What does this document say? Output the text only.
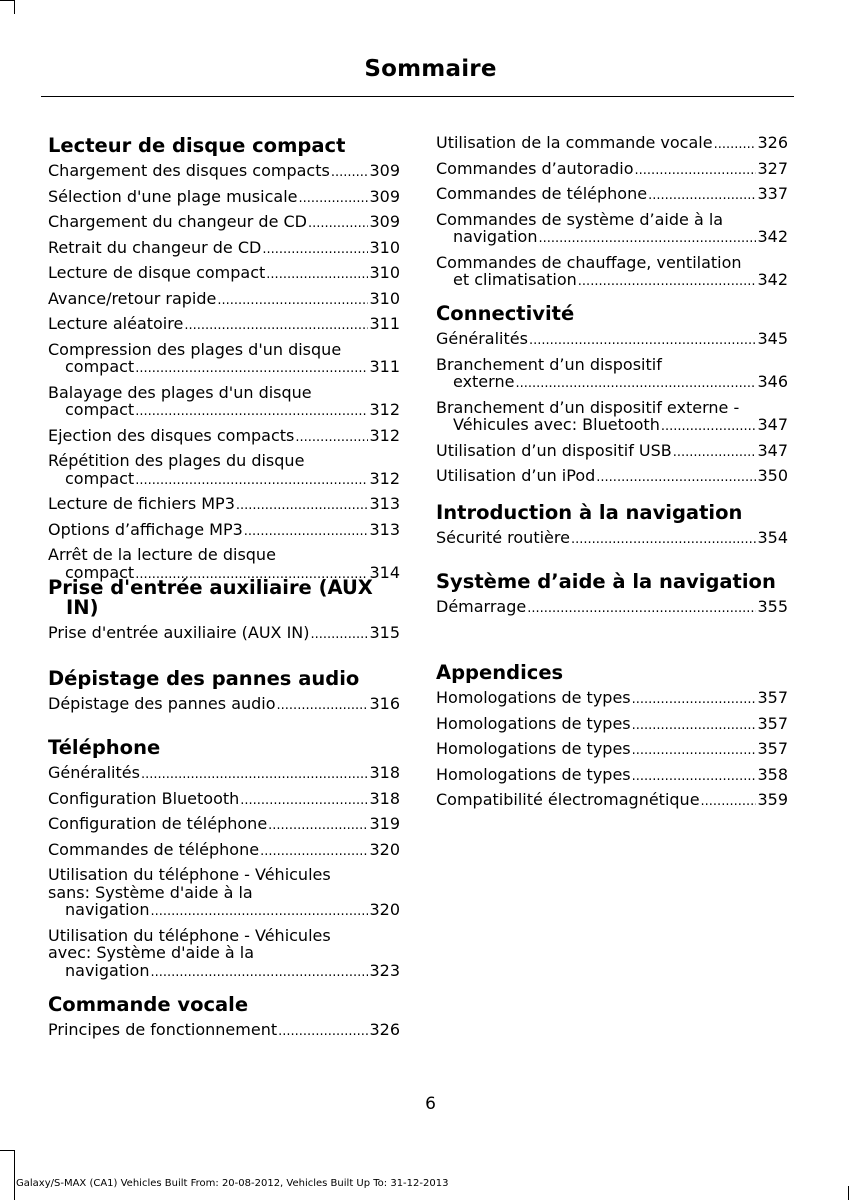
Sommaire
Lecteur de disque compact
Chargement des disques compacts ..... 309
Sélection d'une plage musicale .....	309
Chargement du changeur de CD .....	309
Retrait du changeur de CD .....	310
Lecture de disque compact .....	310
Avance/retour rapide .....	310
Lecture aléatoire .....	311
Compression des plages d'un disque
compact .....	311
Balayage des plages d'un disque
compact .....	312
Ejection des disques compacts .....	312
Répétition des plages du disque
compact .....	312
Lecture de fichiers MP3 .....	313
Options d’affichage MP3 .....	313
Arrêt de la lecture de disque
compact .....	314
Prise d'entrée auxiliaire (AUX IN)
Prise d'entrée auxiliaire (AUX IN) .....	315
Dépistage des pannes audio
Dépistage des pannes audio .....	316
Téléphone
Généralités .....	318
Configuration Bluetooth .....	318
Configuration de téléphone .....	319
Commandes de téléphone .....	320
Utilisation du téléphone - Véhicules
sans: Système d'aide à la
navigation .....	320
Utilisation du téléphone - Véhicules
avec: Système d'aide à la
navigation .....	323
Commande vocale
Principes de fonctionnement .....	326
Utilisation de la commande vocale .....	326
Commandes d’autoradio .....	327
Commandes de téléphone .....	337
Commandes de système d’aide à la
navigation .....	342
Commandes de chauffage, ventilation
et climatisation .....	342
Connectivité
Généralités .....	345
Branchement d’un dispositif
externe .....	346
Branchement d’un dispositif externe -
Véhicules avec: Bluetooth .....	347
Utilisation d’un dispositif USB .....	347
Utilisation d’un iPod .....	350
Introduction à la navigation
Sécurité routière .....	354
Système d’aide à la navigation
Démarrage .....	355
Appendices
Homologations de types .....	357
Homologations de types .....	357
Homologations de types .....	357
Homologations de types .....	358
Compatibilité électromagnétique .....	359
6
Galaxy/S-MAX (CA1) Vehicles Built From: 20-08-2012, Vehicles Built Up To: 31-12-2013
